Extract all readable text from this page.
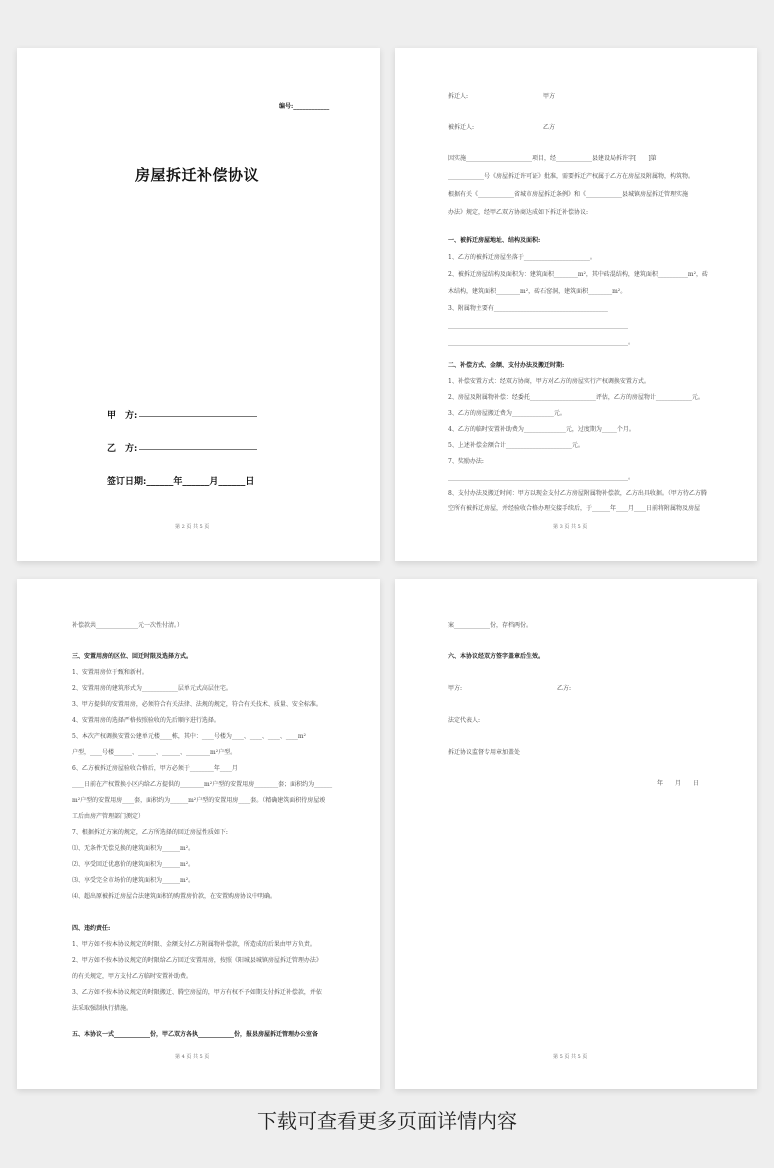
编号:____________
房屋拆迁补偿协议
甲　方:
乙　方:
签订日期:______年______月______日
第 2 页 共 5 页
拆迁人:	甲方
被拆迁人:	乙方
因实施______________________项目，经____________县建设局拆许字[　　]第
____________号《房屋拆迁许可证》批准，需要拆迁产权属于乙方在房屋及附属物，构筑物。
根据有关《____________省城市房屋拆迁条例》和《____________县城镇房屋拆迁管理实施
办法》规定，经甲乙双方协商达成如下拆迁补偿协议:
一、被拆迁房屋地址、结构及面积:
1、乙方的被拆迁房屋坐落于______________________。
2、被拆迁房屋结构及面积为：建筑面积________m²，其中砖混结构，建筑面积__________m²，砖
木结构，建筑面积________m²，砖石窑洞，建筑面积________m²。
3、附属物主要有______________________________________
____________________________________________________________
____________________________________________________________。
二、补偿方式、金额、支付办法及搬迁时期:
1、补偿安置方式：经双方协商，甲方对乙方的房屋实行产权调换安置方式。
2、房屋及附属物补偿：经委托______________________评估，乙方的房屋物计____________元。
3、乙方的房屋搬迁费为______________元。
4、乙方的临时安置补助费为______________元，过度期为_____个月。
5、上述补偿金额合计______________________元。
7、奖励办法:
____________________________________________________________。
8、支付办法及搬迁时间：甲方以现金支付乙方房屋附属物补偿款，乙方出具收据。（甲方待乙方腾
空所有被拆迁房屋，并经验收合格办理交接手续后，于______年____月____日前将附属物及房屋
第 3 页 共 5 页
补偿款共______________元一次性付清。）
三、安置用房的区位、回迁时限及选择方式。
1、安置用房位于甄和新村。
2、安置用房的建筑形式为____________层单元式高层住宅。
3、甲方提供的安置用房，必须符合有关法律、法规的规定，符合有关技术、质量、安全标准。
4、安置用房的选择严格按照验收的先后顺序进行选择。
5、本次产权调换安置公建单元楼____栋，其中：____号楼为____、____、____、____m²
户型，____号楼______、______、______、________m²户型。
6、乙方被拆迁房屋验收合格后，甲方必须于________年____月
____日前在产权置换小区内给乙方提供的________m²户型的安置用房________套；面积约为______
m²户型的安置用房____套，面积约为______m²户型的安置用房____套。（精确建筑面积待房屋竣
工后由房产管理部门测定）
7、根据拆迁方案的规定，乙方所选择的回迁房屋性质如下:
⑴、无条件无偿兑换的建筑面积为______m²。
⑵、享受回迁优惠价的建筑面积为______m²。
⑶、享受完全市场价的建筑面积为______m²。
⑷、超出原被拆迁房屋合法建筑面积的购置房价款，在安置购房协议中明确。
四、违约责任:
1、甲方如不按本协议规定的时限、金额支付乙方附属物补偿款，所造成的后果由甲方负责。
2、甲方如不按本协议规定的时限给乙方回迁安置用房，按照《阳城县城镇房屋拆迁管理办法》
的有关规定，甲方支付乙方临时安置补助费。
3、乙方如不按本协议规定的时限搬迁、腾空房屋的，甲方有权不予如期支付拆迁补偿款，并依
法采取强制执行措施。
五、本协议一式____________份，甲乙双方各执____________份，报县房屋拆迁管理办公室备
第 4 页 共 5 页
案____________份，存档两份。
六、本协议经双方签字盖章后生效。
甲方:	乙方:
法定代表人:
拆迁协议监督专用章加盖处
年　　月　　日
第 5 页 共 5 页
下载可查看更多页面详情内容
